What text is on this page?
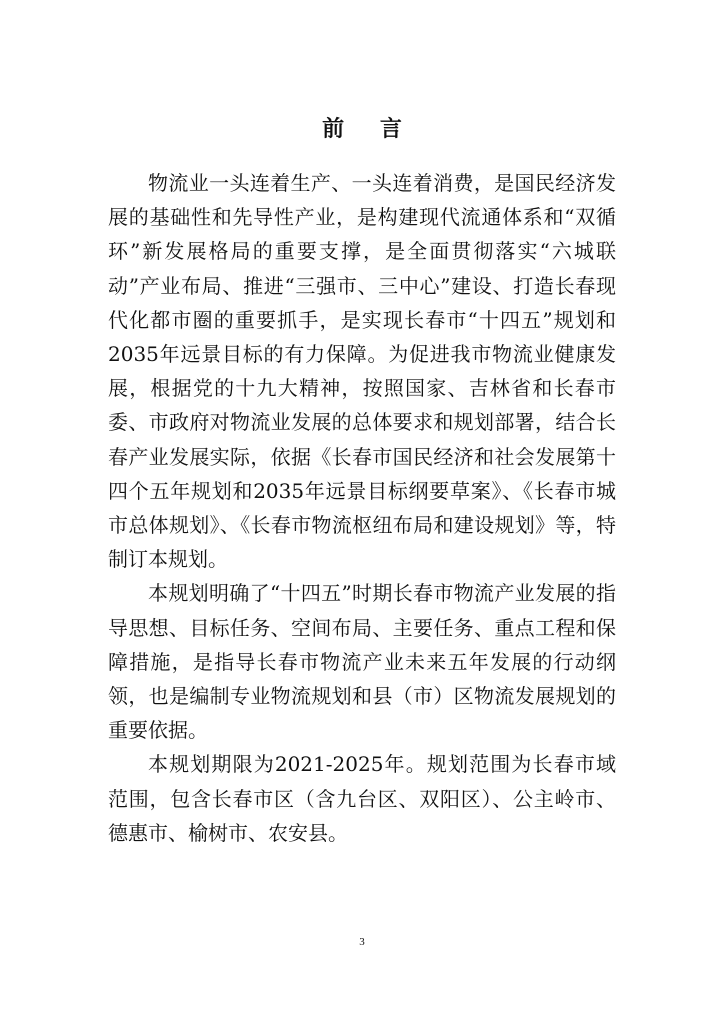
前 言

物流业一头连着生产、一头连着消费，是国民经济发展的基础性和先导性产业，是构建现代流通体系和“双循环”新发展格局的重要支撑，是全面贯彻落实“六城联动”产业布局、推进“三强市、三中心”建设、打造长春现代化都市圈的重要抓手，是实现长春市“十四五”规划和2035年远景目标的有力保障。为促进我市物流业健康发展，根据党的十九大精神，按照国家、吉林省和长春市委、市政府对物流业发展的总体要求和规划部署，结合长春产业发展实际，依据《长春市国民经济和社会发展第十四个五年规划和2035年远景目标纲要草案》、《长春市城市总体规划》、《长春市物流枢纽布局和建设规划》等，特制订本规划。

本规划明确了“十四五”时期长春市物流产业发展的指导思想、目标任务、空间布局、主要任务、重点工程和保障措施，是指导长春市物流产业未来五年发展的行动纲领，也是编制专业物流规划和县（市）区物流发展规划的重要依据。

本规划期限为2021-2025年。规划范围为长春市域范围，包含长春市区（含九台区、双阳区）、公主岭市、德惠市、榆树市、农安县。

3
